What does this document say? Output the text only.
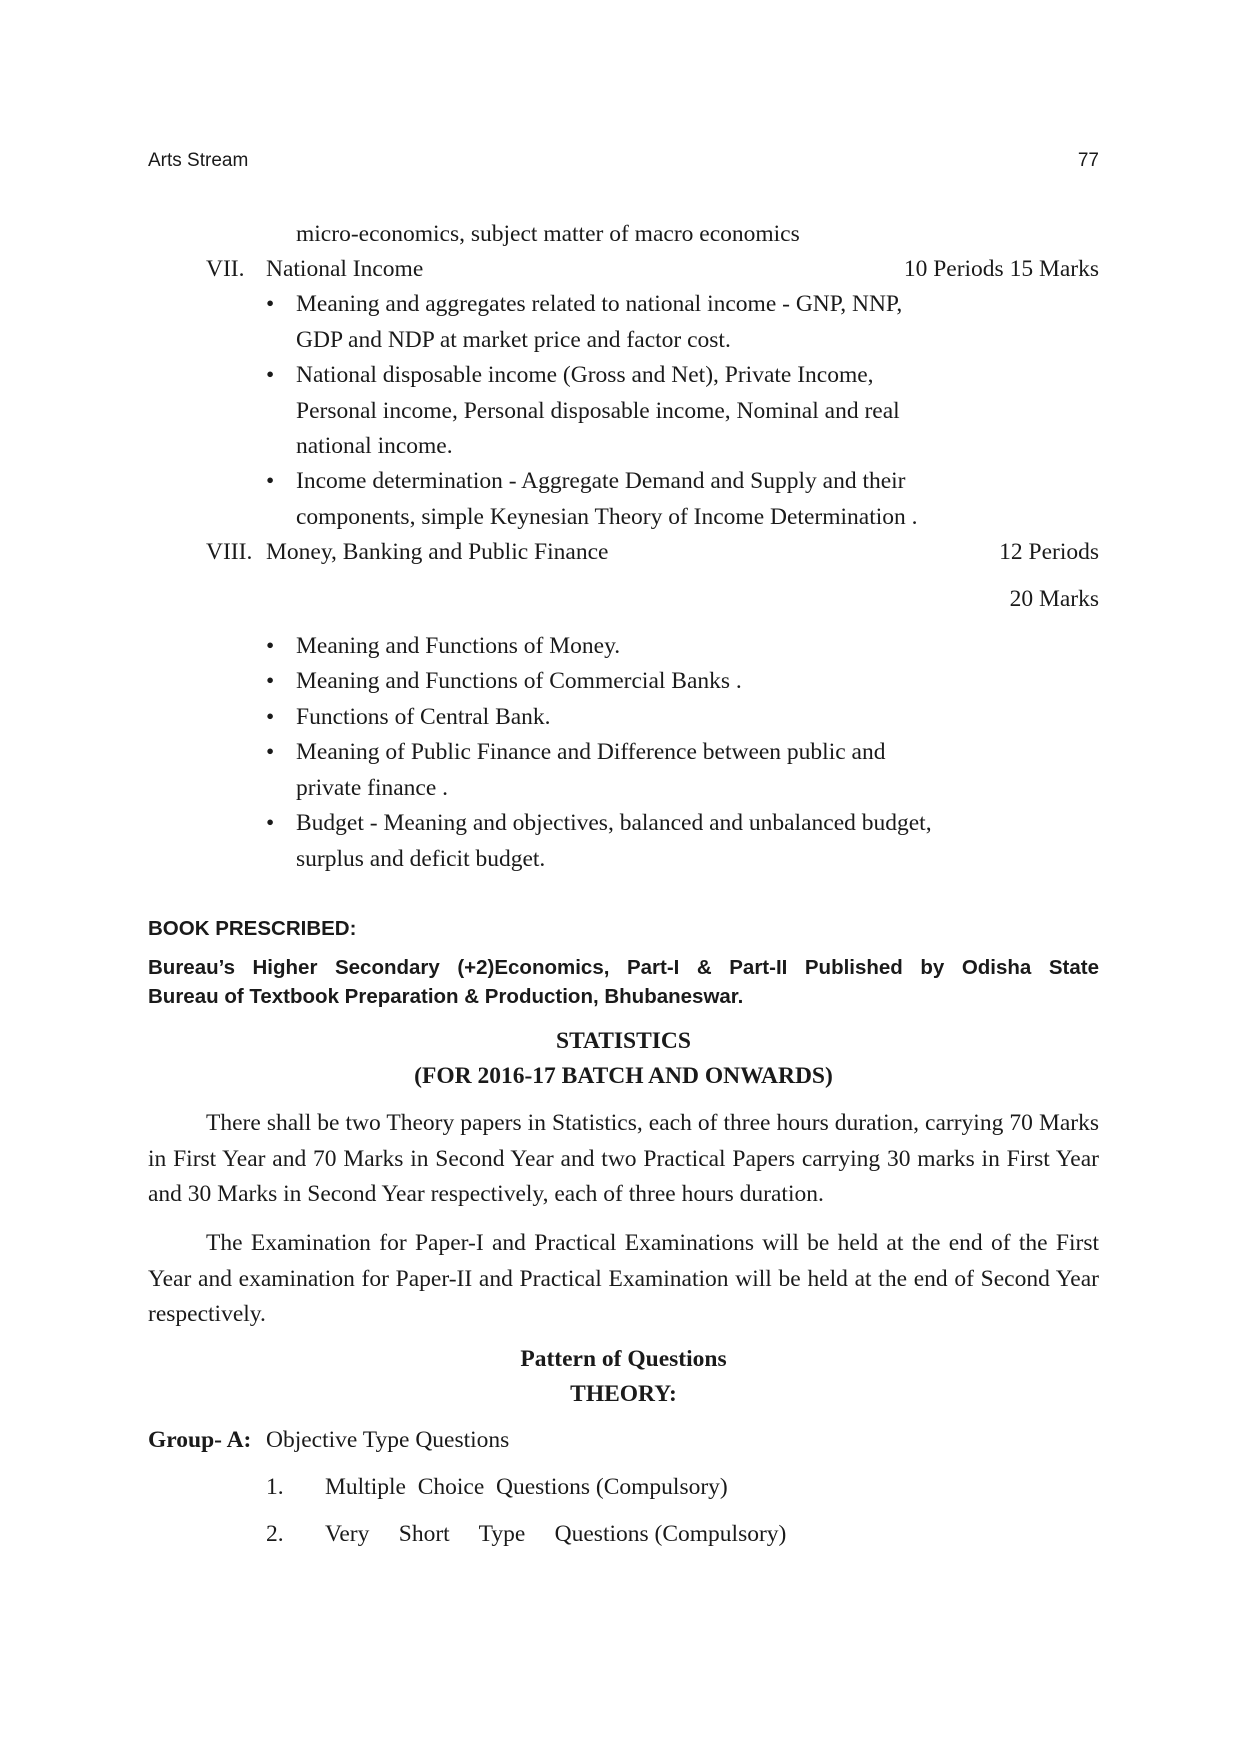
Arts Stream	77
micro-economics, subject matter of macro economics
VII. National Income	10 Periods 15 Marks
• Meaning and aggregates related to national income - GNP, NNP,
GDP and NDP at market price and factor cost.
• National disposable income (Gross and Net), Private Income,
Personal income, Personal disposable income, Nominal and real
national income.
• Income determination - Aggregate Demand and Supply and their
components, simple Keynesian Theory of Income Determination .
VIII. Money, Banking and Public Finance	12 Periods
20 Marks
• Meaning and Functions of Money.
• Meaning and Functions of Commercial Banks .
• Functions of Central Bank.
• Meaning of Public Finance and Difference between public and
private finance .
• Budget - Meaning and objectives, balanced and unbalanced budget,
surplus and deficit budget.
BOOK PRESCRIBED:
Bureau’s Higher Secondary (+2)Economics, Part-I & Part-II Published by Odisha State
Bureau of Textbook Preparation & Production, Bhubaneswar.
STATISTICS
(FOR 2016-17 BATCH AND ONWARDS)
There shall be two Theory papers in Statistics, each of three hours duration, carrying 70 Marks in First Year and 70 Marks in Second Year and two Practical Papers carrying 30 marks in First Year and 30 Marks in Second Year respectively, each of three hours duration.
The Examination for Paper-I and Practical Examinations will be held at the end of the First Year and examination for Paper-II and Practical Examination will be held at the end of Second Year respectively.
Pattern of Questions
THEORY:
Group- A: Objective Type Questions
1. Multiple  Choice  Questions (Compulsory)
2. Very     Short     Type     Questions (Compulsory)
